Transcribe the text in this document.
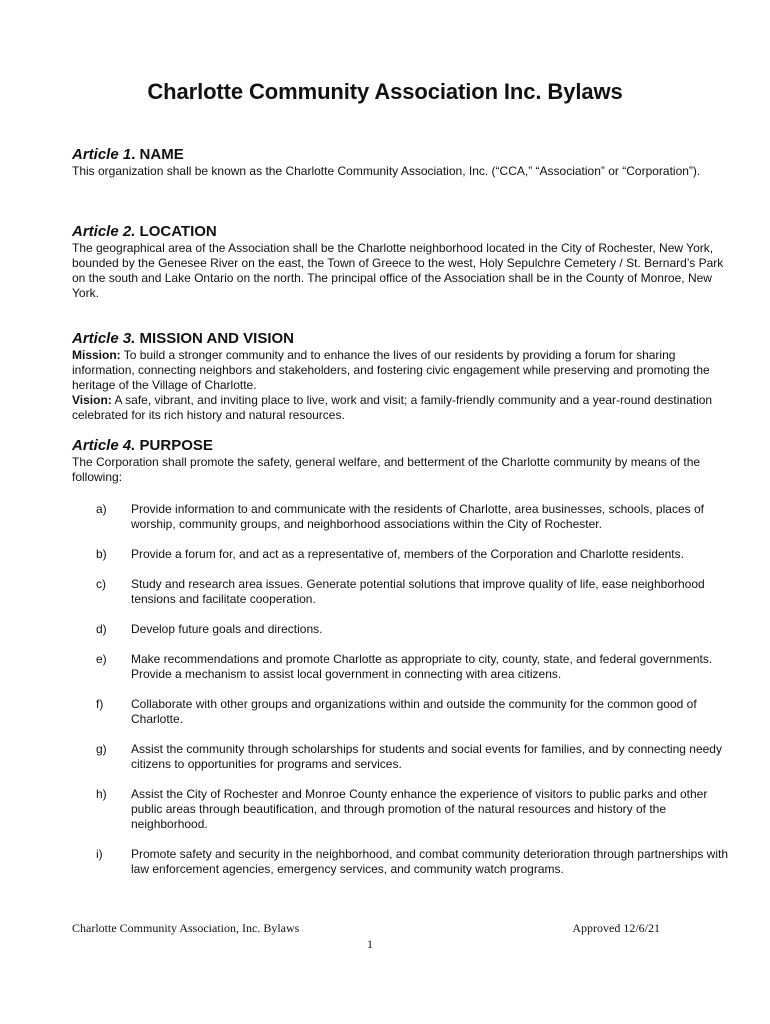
Charlotte Community Association Inc. Bylaws

Article 1. NAME

This organization shall be known as the Charlotte Community Association, Inc. (“CCA,” “Association” or “Corporation”).

Article 2. LOCATION

The geographical area of the Association shall be the Charlotte neighborhood located in the City of Rochester, New York, bounded by the Genesee River on the east, the Town of Greece to the west, Holy Sepulchre Cemetery / St. Bernard’s Park on the south and Lake Ontario on the north. The principal office of the Association shall be in the County of Monroe, New York.

Article 3. MISSION AND VISION

Mission: To build a stronger community and to enhance the lives of our residents by providing a forum for sharing information, connecting neighbors and stakeholders, and fostering civic engagement while preserving and promoting the heritage of the Village of Charlotte.
Vision: A safe, vibrant, and inviting place to live, work and visit; a family-friendly community and a year-round destination celebrated for its rich history and natural resources.

Article 4. PURPOSE

The Corporation shall promote the safety, general welfare, and betterment of the Charlotte community by means of the following:

a) Provide information to and communicate with the residents of Charlotte, area businesses, schools, places of worship, community groups, and neighborhood associations within the City of Rochester.
b) Provide a forum for, and act as a representative of, members of the Corporation and Charlotte residents.
c) Study and research area issues. Generate potential solutions that improve quality of life, ease neighborhood tensions and facilitate cooperation.
d) Develop future goals and directions.
e) Make recommendations and promote Charlotte as appropriate to city, county, state, and federal governments. Provide a mechanism to assist local government in connecting with area citizens.
f) Collaborate with other groups and organizations within and outside the community for the common good of Charlotte.
g) Assist the community through scholarships for students and social events for families, and by connecting needy citizens to opportunities for programs and services.
h) Assist the City of Rochester and Monroe County enhance the experience of visitors to public parks and other public areas through beautification, and through promotion of the natural resources and history of the neighborhood.
i) Promote safety and security in the neighborhood, and combat community deterioration through partnerships with law enforcement agencies, emergency services, and community watch programs.
Charlotte Community Association, Inc. Bylaws	Approved 12/6/21
1
